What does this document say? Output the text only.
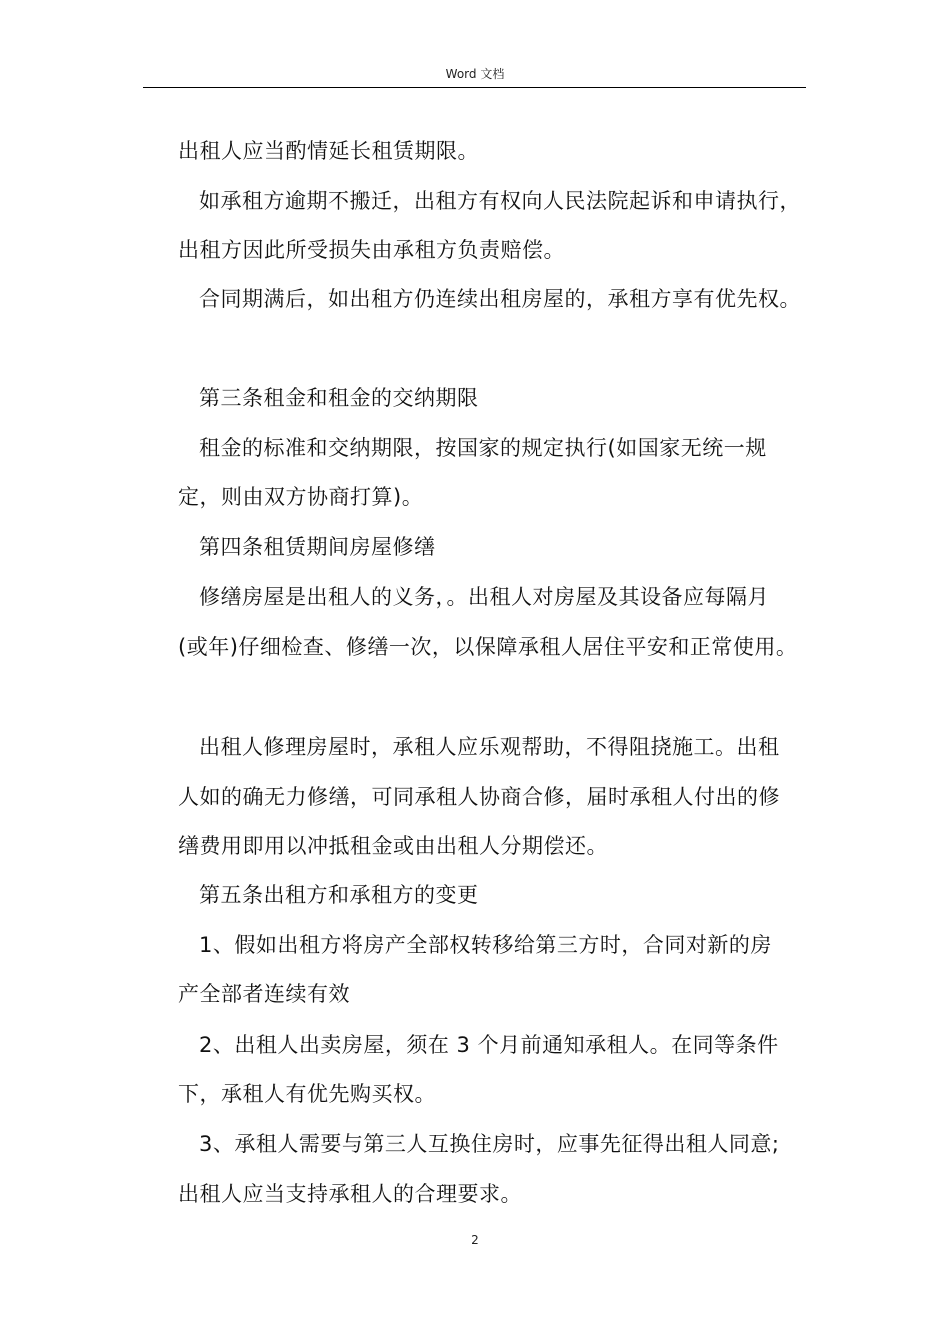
Word 文档
出租人应当酌情延长租赁期限。
如承租方逾期不搬迁，出租方有权向人民法院起诉和申请执行，
出租方因此所受损失由承租方负责赔偿。
合同期满后，如出租方仍连续出租房屋的，承租方享有优先权。
第三条租金和租金的交纳期限
租金的标准和交纳期限，按国家的规定执行(如国家无统一规
定，则由双方协商打算)。
第四条租赁期间房屋修缮
修缮房屋是出租人的义务，。出租人对房屋及其设备应每隔月
(或年)仔细检查、修缮一次，以保障承租人居住平安和正常使用。
出租人修理房屋时，承租人应乐观帮助，不得阻挠施工。出租
人如的确无力修缮，可同承租人协商合修，届时承租人付出的修
缮费用即用以冲抵租金或由出租人分期偿还。
第五条出租方和承租方的变更
1、假如出租方将房产全部权转移给第三方时，合同对新的房
产全部者连续有效
2、出租人出卖房屋，须在 3 个月前通知承租人。在同等条件
下，承租人有优先购买权。
3、承租人需要与第三人互换住房时，应事先征得出租人同意;
出租人应当支持承租人的合理要求。
2
